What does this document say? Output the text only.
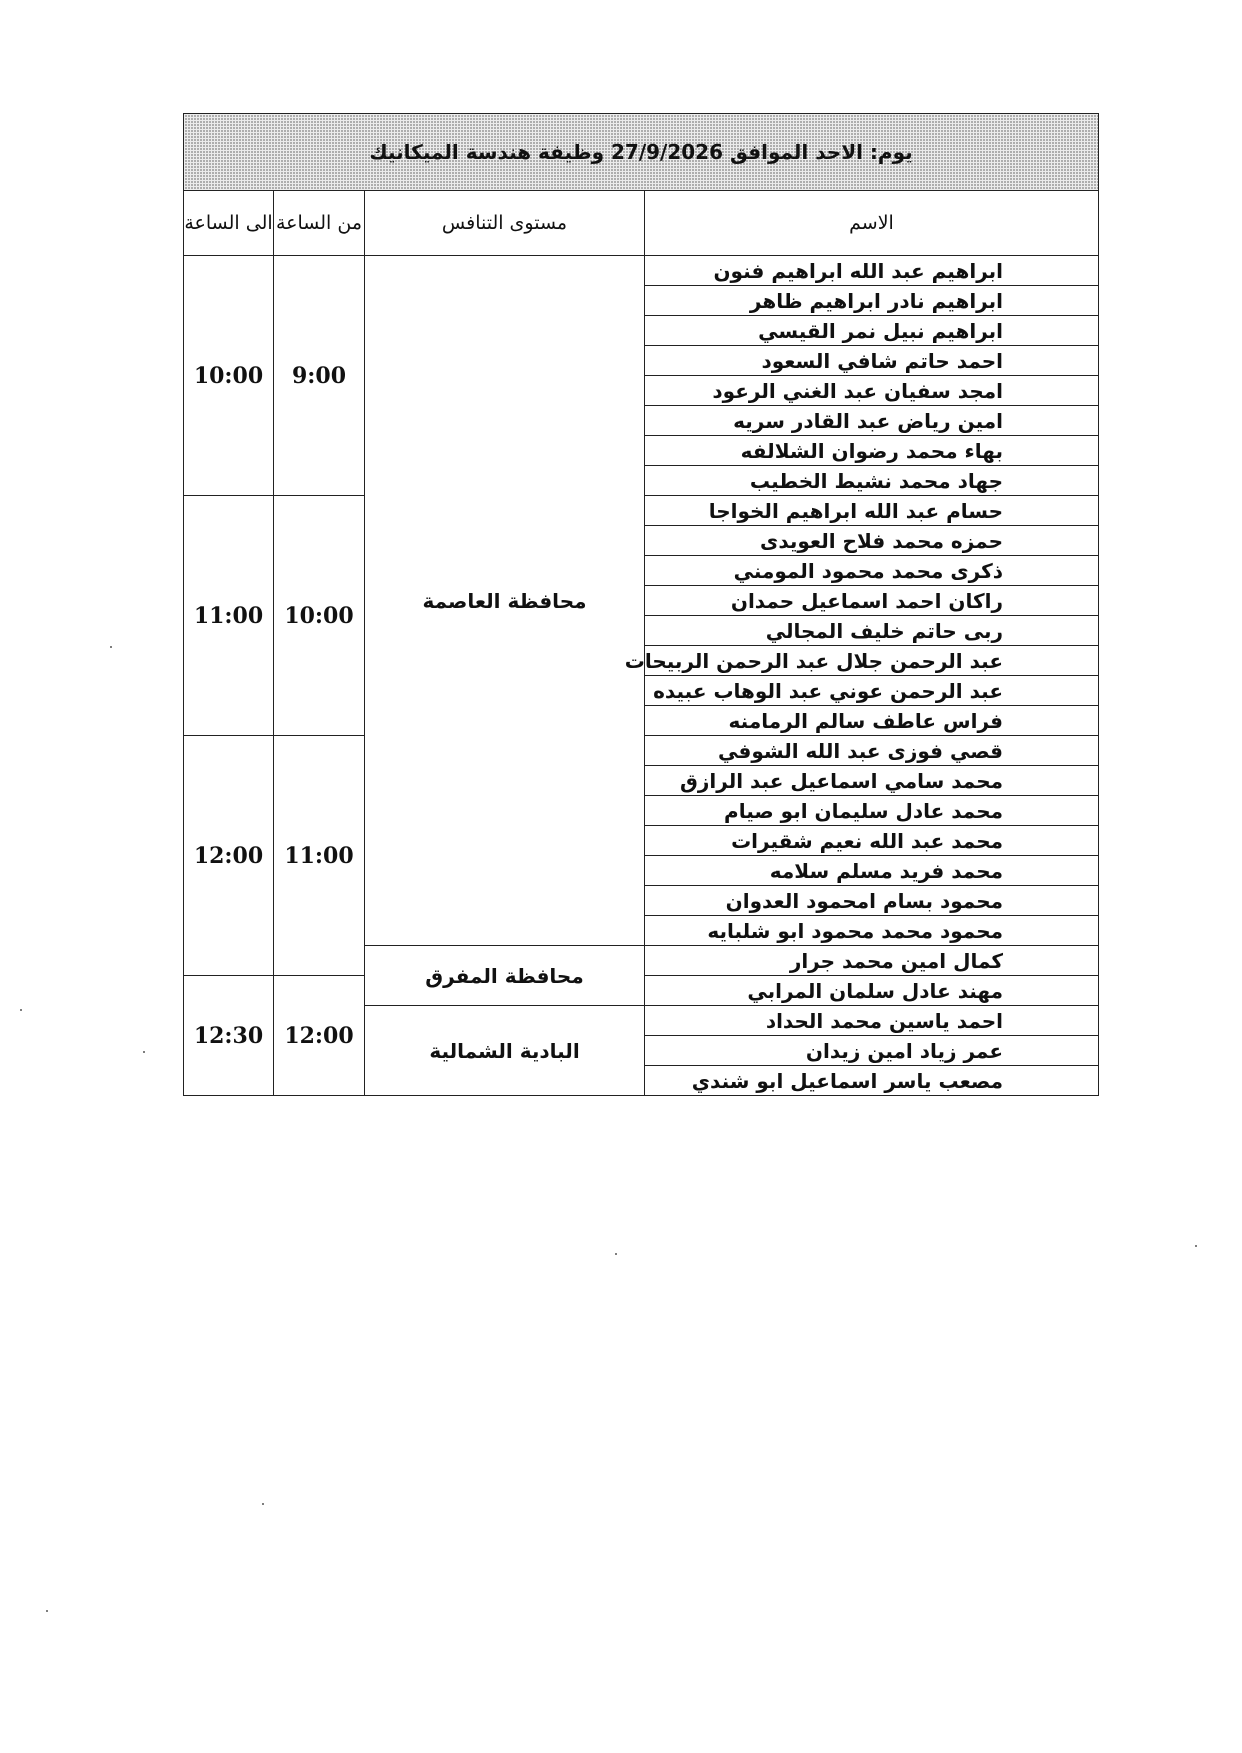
يوم: الاحد الموافق 27/9/2026 وظيفة هندسة الميكانيك			
الى الساعة	من الساعة	مستوى التنافس	الاسم
10:00	9:00	محافظة العاصمة	ابراهيم عبد الله ابراهيم فنون
			ابراهيم نادر ابراهيم ظاهر
			ابراهيم نبيل نمر القيسي
			احمد حاتم شافي السعود
			امجد سفيان عبد الغني الرعود
			امين رياض عبد القادر سريه
			بهاء محمد رضوان الشلالفه
			جهاد محمد نشيط الخطيب
11:00	10:00		حسام عبد الله ابراهيم الخواجا
			حمزه محمد فلاح العويدى
			ذكرى محمد محمود المومني
			راكان احمد اسماعيل حمدان
			ربى حاتم خليف المجالي
			عبد الرحمن جلال عبد الرحمن الربيحات
			عبد الرحمن عوني عبد الوهاب عبيده
			فراس عاطف سالم الرمامنه
12:00	11:00		قصي فوزى عبد الله الشوفي
			محمد سامي اسماعيل عبد الرازق
			محمد عادل سليمان ابو صيام
			محمد عبد الله نعيم شقيرات
			محمد فريد مسلم سلامه
			محمود بسام امحمود العدوان
			محمود محمد محمود ابو شلبايه
		محافظة المفرق	كمال امين محمد جرار
12:30	12:00		مهند عادل سلمان المرابي
		البادية الشمالية	احمد ياسين محمد الحداد
			عمر زياد امين زيدان
			مصعب ياسر اسماعيل ابو شندي
